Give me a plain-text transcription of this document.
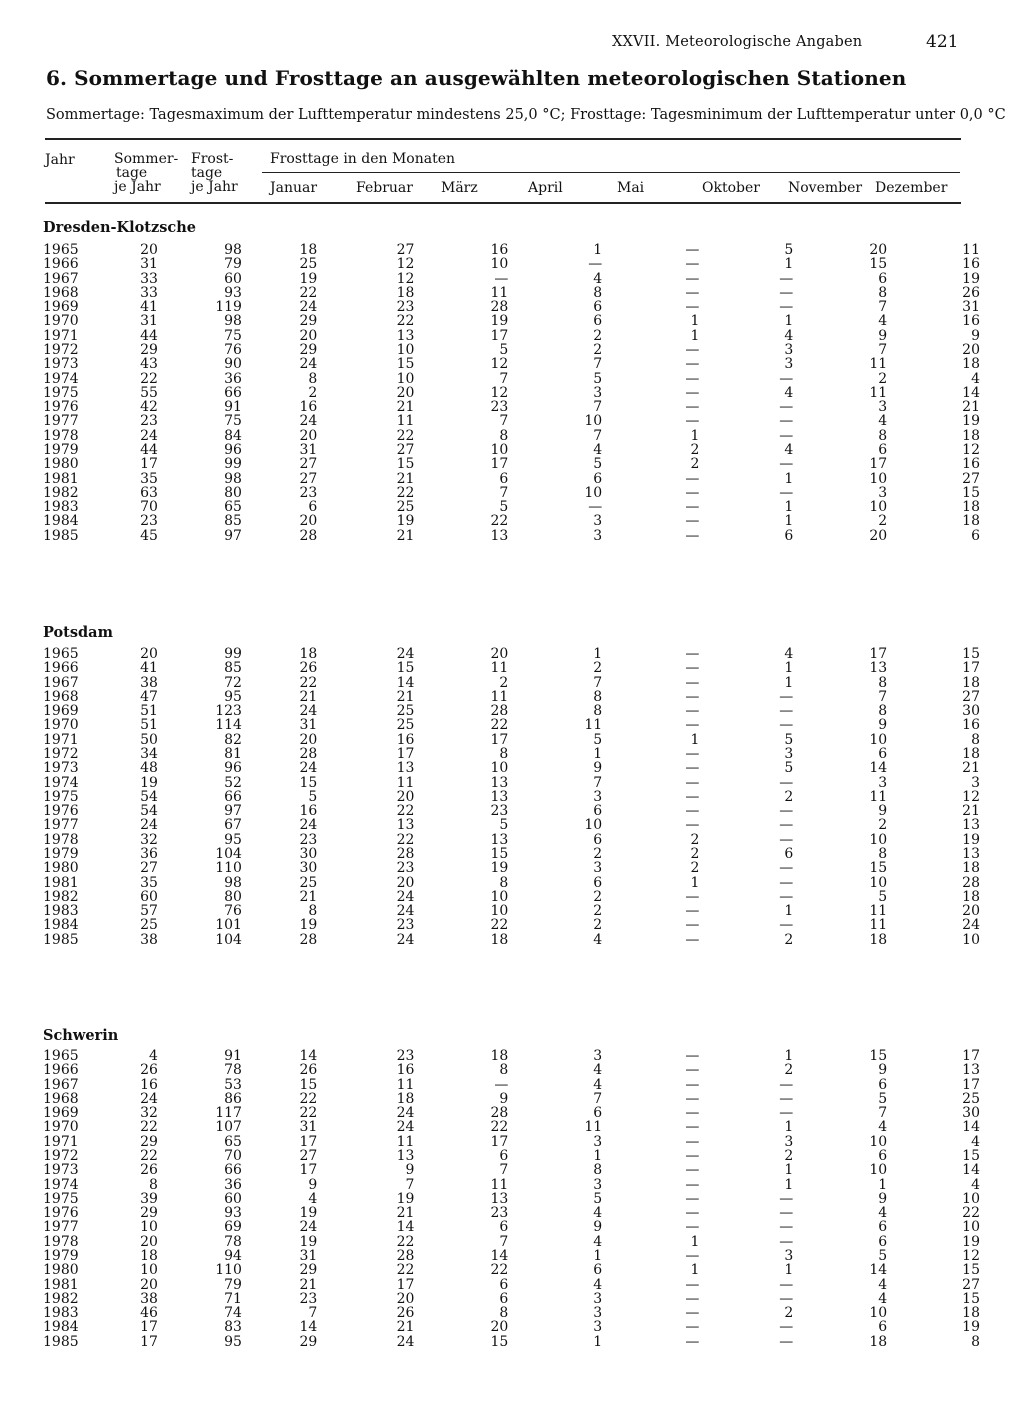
XXVII. Meteorologische Angaben	421
6. Sommertage und Frosttage an ausgewählten meteorologischen Stationen
Sommertage: Tagesmaximum der Lufttemperatur mindestens 25,0 °C; Frosttage: Tagesminimum der Lufttemperatur unter 0,0 °C
Jahr	Sommer-
tage
je Jahr
Frost-
tage
je Jahr
Frosttage in den Monaten
Januar	Februar März	April	Mai	Oktober November Dezember
Dresden-Klotzsche
1965	20	98	18	27	16	1	—	5	20	11
1966	31	79	25	12	10	—	—	1	15	16
1967	33	60	19	12	—	4	—	—	6	19
1968	33	93	22	18	11	8	—	—	8	26
1969	41	119	24	23	28	6	—	—	7	31
1970	31	98	29	22	19	6	1	1	4	16
1971	44	75	20	13	17	2	1	4	9	9
1972	29	76	29	10	5	2	—	3	7	20
1973	43	90	24	15	12	7	—	3	11	18
1974	22	36	8	10	7	5	—	—	2	4
1975	55	66	2	20	12	3	—	4	11	14
1976	42	91	16	21	23	7	—	—	3	21
1977	23	75	24	11	7	10	—	—	4	19
1978	24	84	20	22	8	7	1	—	8	18
1979	44	96	31	27	10	4	2	4	6	12
1980	17	99	27	15	17	5	2	—	17	16
1981	35	98	27	21	6	6	—	1	10	27
1982	63	80	23	22	7	10	—	—	3	15
1983	70	65	6	25	5	—	—	1	10	18
1984	23	85	20	19	22	3	—	1	2	18
1985	45	97	28	21	13	3	—	6	20	6
Potsdam
1965	20	99	18	24	20	1	—	4	17	15
1966	41	85	26	15	11	2	—	1	13	17
1967	38	72	22	14	2	7	—	1	8	18
1968	47	95	21	21	11	8	—	—	7	27
1969	51	123	24	25	28	8	—	—	8	30
1970	51	114	31	25	22	11	—	—	9	16
1971	50	82	20	16	17	5	1	5	10	8
1972	34	81	28	17	8	1	—	3	6	18
1973	48	96	24	13	10	9	—	5	14	21
1974	19	52	15	11	13	7	—	—	3	3
1975	54	66	5	20	13	3	—	2	11	12
1976	54	97	16	22	23	6	—	—	9	21
1977	24	67	24	13	5	10	—	—	2	13
1978	32	95	23	22	13	6	2	—	10	19
1979	36	104	30	28	15	2	2	6	8	13
1980	27	110	30	23	19	3	2	—	15	18
1981	35	98	25	20	8	6	1	—	10	28
1982	60	80	21	24	10	2	—	—	5	18
1983	57	76	8	24	10	2	—	1	11	20
1984	25	101	19	23	22	2	—	—	11	24
1985	38	104	28	24	18	4	—	2	18	10
Schwerin
1965	4	91	14	23	18	3	—	1	15	17
1966	26	78	26	16	8	4	—	2	9	13
1967	16	53	15	11	—	4	—	—	6	17
1968	24	86	22	18	9	7	—	—	5	25
1969	32	117	22	24	28	6	—	—	7	30
1970	22	107	31	24	22	11	—	1	4	14
1971	29	65	17	11	17	3	—	3	10	4
1972	22	70	27	13	6	1	—	2	6	15
1973	26	66	17	9	7	8	—	1	10	14
1974	8	36	9	7	11	3	—	1	1	4
1975	39	60	4	19	13	5	—	—	9	10
1976	29	93	19	21	23	4	—	—	4	22
1977	10	69	24	14	6	9	—	—	6	10
1978	20	78	19	22	7	4	1	—	6	19
1979	18	94	31	28	14	1	—	3	5	12
1980	10	110	29	22	22	6	1	1	14	15
1981	20	79	21	17	6	4	—	—	4	27
1982	38	71	23	20	6	3	—	—	4	15
1983	46	74	7	26	8	3	—	2	10	18
1984	17	83	14	21	20	3	—	—	6	19
1985	17	95	29	24	15	1	—	—	18	8
